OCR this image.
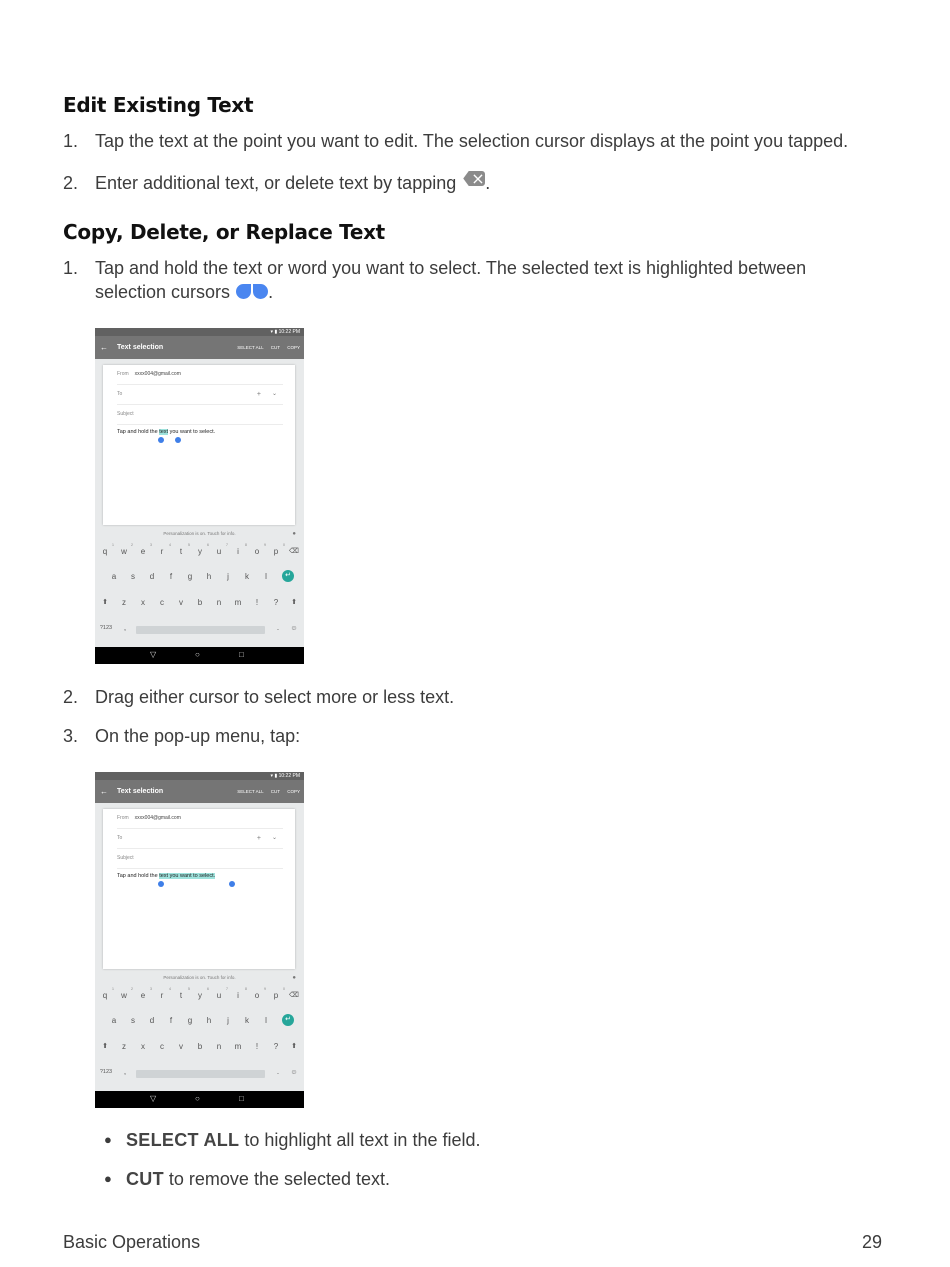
Edit Existing Text
1. Tap the text at the point you want to edit. The selection cursor displays at the point you tapped.
2. Enter additional text, or delete text by tapping × .
Copy, Delete, or Replace Text
1. Tap and hold the text or word you want to select. The selected text is highlighted between selection cursors .
▾ ▮ 10:22 PM
← Text selection	SELECT ALL CUT COPY
From xxxx004@gmail.com
To	+ ⌄
Subject
Tap and hold the text you want to select.
Personalization is on. Touch for info.	●
1	2	3	4	5	6	7	8	9	0
q	w	e	r	t	y	u	i	o	p	⌫
a	s	d	f	g	h	j	k	l	↵
⬆	z	x	c	v	b	n	m	!	?	⬆
?123	,	.	☺
▽	○	□
2. Drag either cursor to select more or less text.
3. On the pop-up menu, tap:
▾ ▮ 10:22 PM
← Text selection	SELECT ALL CUT COPY
From xxxx004@gmail.com
To	+ ⌄
Subject
Tap and hold the text you want to select.
Personalization is on. Touch for info.	●
1	2	3	4	5	6	7	8	9	0
q	w	e	r	t	y	u	i	o	p	⌫
a	s	d	f	g	h	j	k	l	↵
⬆	z	x	c	v	b	n	m	!	?	⬆
?123	,	.	☺
▽	○	□
● SELECT ALL to highlight all text in the field.
● CUT to remove the selected text.
Basic Operations	29
